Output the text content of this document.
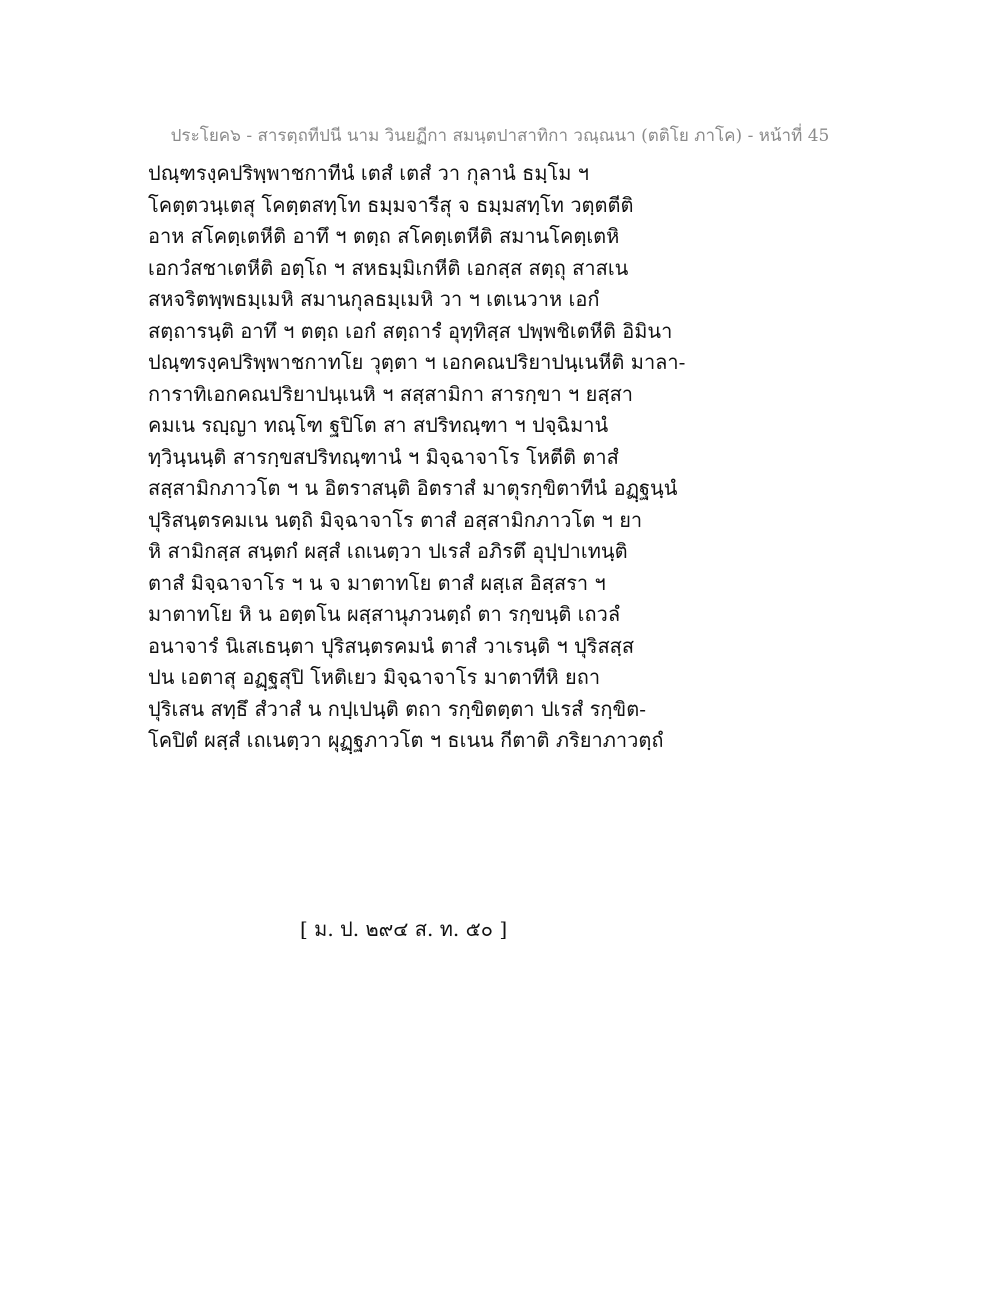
ประโยค๖ - สารตฺถทีปนี นาม วินยฏีกา สมนฺตปาสาทิกา วณฺณนา (ตติโย ภาโค) - หน้าที่ 45
ปณฺฑรงฺคปริพฺพาชกาทีนํ เตสํ เตสํ วา กุลานํ ธมฺโม ฯ
โคตฺตวนฺเตสุ โคตฺตสทฺโท ธมฺมจารีสุ จ ธมฺมสทฺโท วตฺตตีติ
อาห สโคตฺเตหีติ อาทึ ฯ ตตฺถ สโคตฺเตหีติ สมานโคตฺเตหิ
เอกวํสชาเตหีติ อตฺโถ ฯ สหธมฺมิเกหีติ เอกสฺส สตฺถุ สาสเน
สหจริตพฺพธมฺเมหิ สมานกุลธมฺเมหิ วา ฯ เตเนวาห เอกํ
สตฺถารนฺติ อาทึ ฯ ตตฺถ เอกํ สตฺถารํ อุทฺทิสฺส ปพฺพชิเตหีติ อิมินา
ปณฺฑรงฺคปริพฺพาชกาทโย วุตฺตา ฯ เอกคณปริยาปนฺเนหีติ มาลา-
การาทิเอกคณปริยาปนฺเนหิ ฯ สสฺสามิกา สารกฺขา ฯ ยสฺสา
คมเน รญฺญา ทณฺโฑ ฐปิโต สา สปริทณฺฑา ฯ ปจฺฉิมานํ
ทฺวินฺนนฺติ สารกฺขสปริทณฺฑานํ ฯ มิจฺฉาจาโร โหตีติ ตาสํ
สสฺสามิกภาวโต ฯ น อิตราสนฺติ อิตราสํ มาตุรกฺขิตาทีนํ อฏฺฐนฺนํ
ปุริสนฺตรคมเน นตฺถิ มิจฺฉาจาโร ตาสํ อสฺสามิกภาวโต ฯ ยา
หิ สามิกสฺส สนฺตกํ ผสฺสํ เถเนตฺวา ปเรสํ อภิรตึ อุปฺปาเทนฺติ
ตาสํ มิจฺฉาจาโร ฯ น จ มาตาทโย ตาสํ ผสฺเส อิสฺสรา ฯ
มาตาทโย หิ น อตฺตโน ผสฺสานุภวนตฺถํ ตา รกฺขนฺติ เถวลํ
อนาจารํ นิเสเธนฺตา ปุริสนฺตรคมนํ ตาสํ วาเรนฺติ ฯ ปุริสสฺส
ปน เอตาสุ อฏฺฐสุปิ โหติเยว มิจฺฉาจาโร มาตาทีหิ ยถา
ปุริเสน สทฺธึ สํวาสํ น กปฺเปนฺติ ตถา รกฺขิตตฺตา ปเรสํ รกฺขิต-
โคปิตํ ผสฺสํ เถเนตฺวา ผุฏฺฐภาวโต ฯ ธเนน กีตาติ ภริยาภาวตฺถํ
[ ม. ป. ๒๙๔ ส. ท. ๕๐ ]
